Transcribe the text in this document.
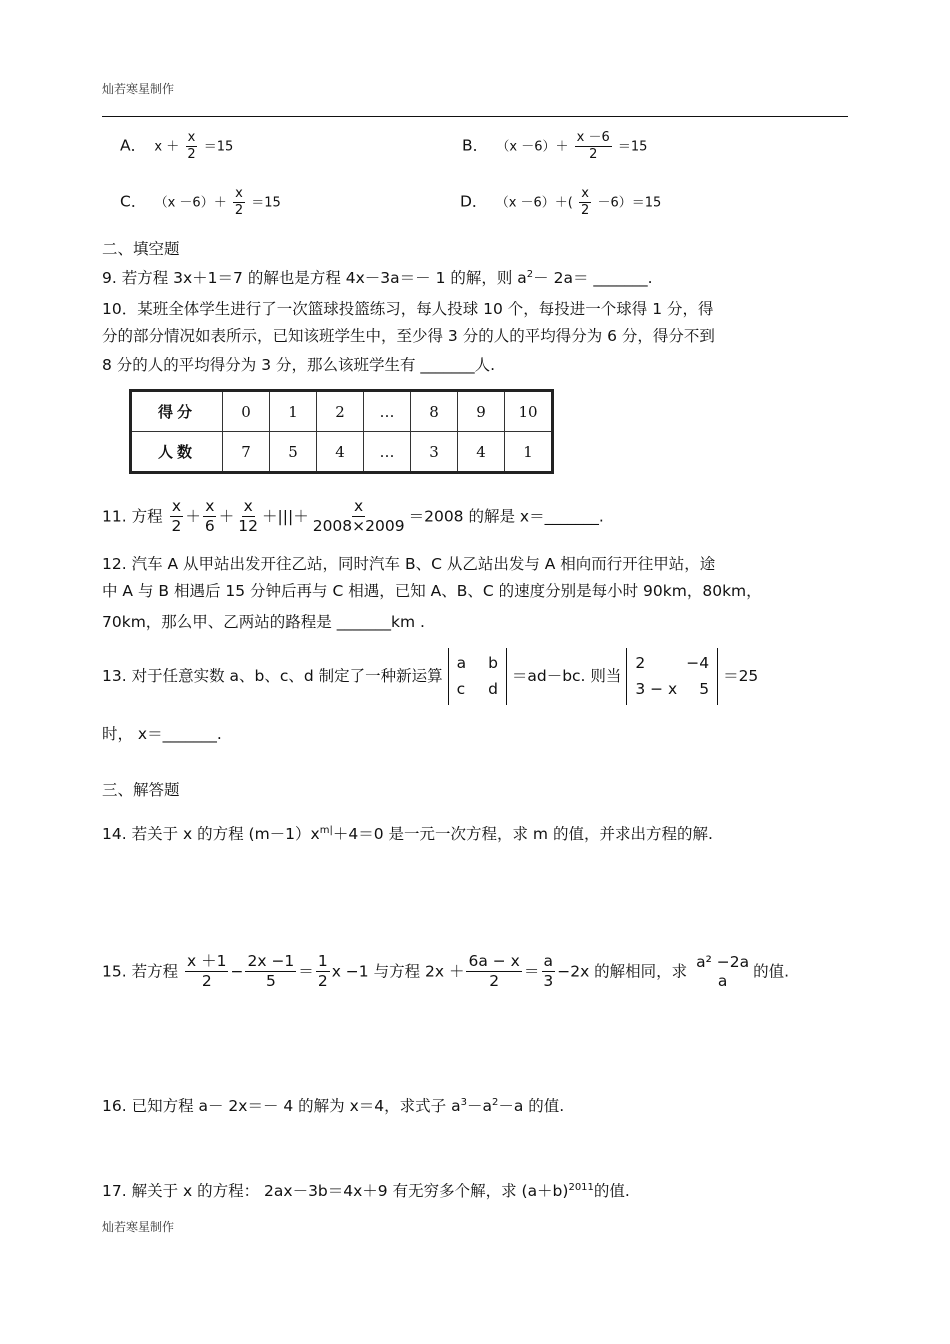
灿若寒星制作
A． $x + \frac{x}{2} =15$	B． $(x -6)+ \frac{x -6}{2} =15$
C． $(x -6)+ \frac{x}{2} =15$	D． $(x -6)+( \frac{x}{2} -6)=15$
二、填空题
9. 若方程 3x＋1＝7 的解也是方程 4x－3a＝－ 1 的解，则 $a^2- 2a=$ _______.
10．某班全体学生进行了一次篮球投篮练习，每人投球 10 个，每投进一个球得 1 分，得
分的部分情况如表所示，已知该班学生中，至少得 3 分的人的平均得分为 6 分，得分不到
8 分的人的平均得分为 3 分，那么该班学生有 _______人.
得分	0	1	2	…	8	9	10
人数	7	5	4	…	3	4	1
11. 方程 $\frac{x}{2} + \frac{x}{6} + \frac{x}{12}$ ＋|||＋ $\frac{x}{2008\times 2009} =2008$ 的解是 x＝_______.
12. 汽车 A 从甲站出发开往乙站，同时汽车 B、C 从乙站出发与 A 相向而行开往甲站，途
中 A 与 B 相遇后 15 分钟后再与 C 相遇，已知 A、B、C 的速度分别是每小时 90km，80km，
70km，那么甲、乙两站的路程是 _______km .
13. 对于任意实数 a、b、c、d 制定了一种新运算
a b
c d
＝ad－bc. 则当
2	−4
3 − x 5
＝25
时， x＝_______.
三、解答题
14. 若关于 x 的方程 $(m-1)x^{m|}+4=0$ 是一元一次方程，求 m 的值，并求出方程的解.
15. 若方程 $\frac{x +1}{2} - \frac{2x -1}{5} = \frac{1}{2}$ x −1 与方程 $2x + \frac{6a - x}{2} = \frac{a}{3} -2x$ 的解相同，求
a² −2a
a
的值.
16. 已知方程 a－ 2x＝－ 4 的解为 x＝4，求式子 $a^3-a^2-a$ 的值.
17. 解关于 x 的方程： 2ax－3b＝4x＋9 有无穷多个解，求 $(a+b)^{2011}$的值.
灿若寒星制作
